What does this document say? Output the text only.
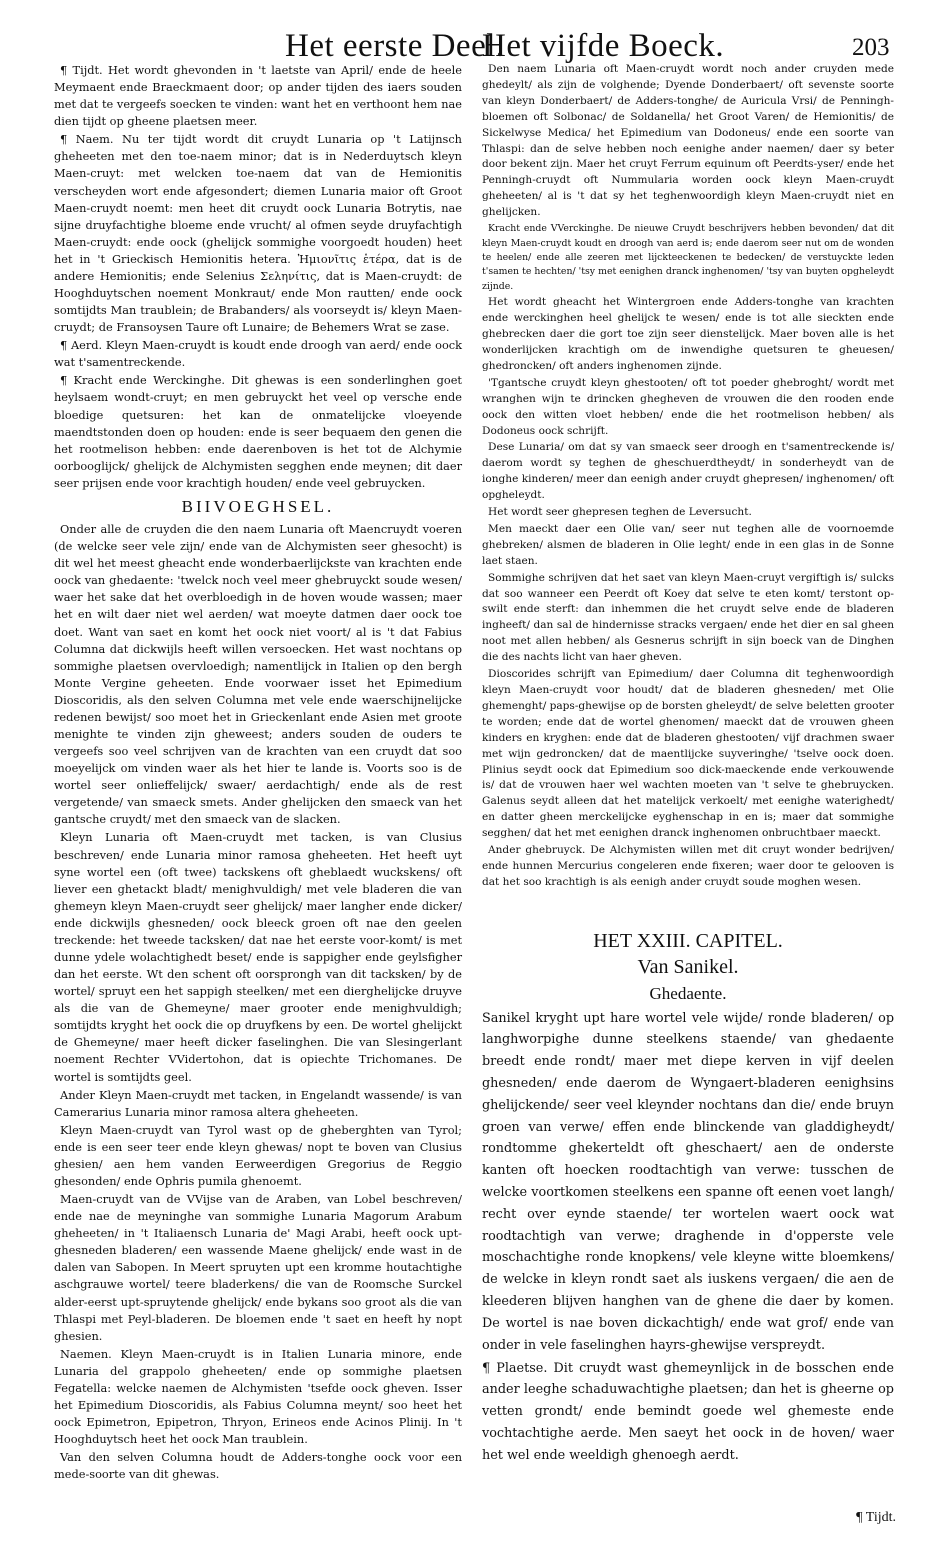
Het eerste Deel.
Het vijfde Boeck.	203

¶ Tijdt. Het wordt ghevonden in 't laetste van April/ ende de heele Meymaent ende Braeckmaent door; op ander tijden des iaers souden met dat te vergeefs soecken te vinden: want het en verthoont hem nae dien tijdt op gheene plaetsen meer.

¶ Naem. Nu ter tijdt wordt dit cruydt Lunaria op 't Latijnsch gheheeten met den toe-naem minor; dat is in Nederduytsch kleyn Maen-cruyt: met welcken toe-naem dat van de Hemionitis verscheyden wort ende afgesondert; diemen Lunaria maior oft Groot Maen-cruydt noemt: men heet dit cruydt oock Lunaria Botrytis, nae sijne druyfachtighe bloeme ende vrucht/ al ofmen seyde druyfachtigh Maen-cruydt: ende oock (ghelijck sommighe voorgoedt houden) heet het in 't Grieckisch Hemionitis hetera. Ἡμιονῖτις ἑτέρα, dat is de andere Hemionitis; ende Selenius Σεληνίτις, dat is Maen-cruydt: de Hooghduytschen noement Monkraut/ ende Mon rautten/ ende oock somtijdts Man traublein; de Brabanders/ als voorseydt is/ kleyn Maen-cruydt; de Fransoysen Taure oft Lunaire; de Behemers Wrat se zase.

¶ Aerd. Kleyn Maen-cruydt is koudt ende droogh van aerd/ ende oock wat t'samentreckende.

¶ Kracht ende Werckinghe. Dit ghewas is een sonderlinghen goet heylsaem wondt-cruyt; en men gebruyckt het veel op versche ende bloedige quetsuren: het kan de onmatelijcke vloeyende maendtstonden doen op houden: ende is seer bequaem den genen die het rootmelison hebben: ende daerenboven is het tot de Alchymie oorbooglijck/ ghelijck de Alchymisten segghen ende meynen; dit daer seer prijsen ende voor krachtigh houden/ ende veel gebruycken.

BIIVOEGHSEL.

Onder alle de cruyden die den naem Lunaria oft Maencruydt voeren (de welcke seer vele zijn/ ende van de Alchymisten seer ghesocht) is dit wel het meest gheacht ende wonderbaerlijckste van krachten ende oock van ghedaente: 'twelck noch veel meer ghebruyckt soude wesen/ waer het sake dat het overbloedigh in de hoven woude wassen; maer het en wilt daer niet wel aerden/ wat moeyte datmen daer oock toe doet. Want van saet en komt het oock niet voort/ al is 't dat Fabius Columna dat dickwijls heeft willen versoecken. Het wast nochtans op sommighe plaetsen overvloedigh; namentlijck in Italien op den bergh Monte Vergine geheeten. Ende voorwaer isset het Epimedium Dioscoridis, als den selven Columna met vele ende waerschijnelijcke redenen bewijst/ soo moet het in Grieckenlant ende Asien met groote menighte te vinden zijn gheweest; anders souden de ouders te vergeefs soo veel schrijven van de krachten van een cruydt dat soo moeyelijck om vinden waer als het hier te lande is. Voorts soo is de wortel seer onlieffelijck/ swaer/ aerdachtigh/ ende als de rest vergetende/ van smaeck smets. Ander ghelijcken den smaeck van het gantsche cruydt/ met den smaeck van de slacken.

Kleyn Lunaria oft Maen-cruydt met tacken, is van Clusius beschreven/ ende Lunaria minor ramosa gheheeten. Het heeft uyt syne wortel een (oft twee) tackskens oft gheblaedt wuckskens/ oft liever een ghetackt bladt/ menighvuldigh/ met vele bladeren die van ghemeyn kleyn Maen-cruydt seer ghelijck/ maer langher ende dicker/ ende dickwijls ghesneden/ oock bleeck groen oft nae den geelen treckende: het tweede tacksken/ dat nae het eerste voor-komt/ is met dunne ydele wolachtighedt beset/ ende is sappigher ende geylsfigher dan het eerste. Wt den schent oft oorsprongh van dit tacksken/ by de wortel/ spruyt een het sappigh steelken/ met een dierghelijcke druyve als die van de Ghemeyne/ maer grooter ende menighvuldigh; somtijdts kryght het oock die op druyfkens by een. De wortel ghelijckt de Ghemeyne/ maer heeft dicker faselinghen. Die van Slesingerlant noement Rechter VVidertohon, dat is opiechte Trichomanes. De wortel is somtijdts geel.

Ander Kleyn Maen-cruydt met tacken, in Engelandt wassende/ is van Camerarius Lunaria minor ramosa altera gheheeten.

Kleyn Maen-cruydt van Tyrol wast op de gheberghten van Tyrol; ende is een seer teer ende kleyn ghewas/ nopt te boven van Clusius ghesien/ aen hem vanden Eerweerdigen Gregorius de Reggio ghesonden/ ende Ophris pumila ghenoemt.

Maen-cruydt van de VVijse van de Araben, van Lobel beschreven/ ende nae de meyninghe van sommighe Lunaria Magorum Arabum gheheeten/ in 't Italiaensch Lunaria de' Magi Arabi, heeft oock upt-ghesneden bladeren/ een wassende Maene ghelijck/ ende wast in de dalen van Sabopen. In Meert spruyten upt een kromme houtachtighe aschgrauwe wortel/ teere bladerkens/ die van de Roomsche Surckel alder-eerst upt-spruytende ghelijck/ ende bykans soo groot als die van Thlaspi met Peyl-bladeren. De bloemen ende 't saet en heeft hy nopt ghesien.

Naemen. Kleyn Maen-cruydt is in Italien Lunaria minore, ende Lunaria del grappolo gheheeten/ ende op sommighe plaetsen Fegatella: welcke naemen de Alchymisten 'tsefde oock gheven. Isser het Epimedium Dioscoridis, als Fabius Columna meynt/ soo heet het oock Epimetron, Epipetron, Thryon, Erineos ende Acinos Plinij. In 't Hooghduytsch heet het oock Man traublein.

Van den selven Columna houdt de Adders-tonghe oock voor een mede-soorte van dit ghewas.

Den naem Lunaria oft Maen-cruydt wordt noch ander cruyden mede ghedeylt/ als zijn de volghende; Dyende Donderbaert/ oft sevenste soorte van kleyn Donderbaert/ de Adders-tonghe/ de Auricula Vrsi/ de Penningh-bloemen oft Solbonac/ de Soldanella/ het Groot Varen/ de Hemionitis/ de Sickelwyse Medica/ het Epimedium van Dodoneus/ ende een soorte van Thlaspi: dan de selve hebben noch eenighe ander naemen/ daer sy beter door bekent zijn. Maer het cruyt Ferrum equinum oft Peerdts-yser/ ende het Penningh-cruydt oft Nummularia worden oock kleyn Maen-cruydt gheheeten/ al is 't dat sy het teghenwoordigh kleyn Maen-cruydt niet en ghelijcken.

Kracht ende VVerckinghe. De nieuwe Cruydt beschrijvers hebben bevonden/ dat dit kleyn Maen-cruydt koudt en droogh van aerd is; ende daerom seer nut om de wonden te heelen/ ende alle zeeren met lijckteeckenen te bedecken/ de verstuyckte leden t'samen te hechten/ 'tsy met eenighen dranck inghenomen/ 'tsy van buyten opgheleydt zijnde.

Het wordt gheacht het Wintergroen ende Adders-tonghe van krachten ende werckinghen heel ghelijck te wesen/ ende is tot alle sieckten ende ghebrecken daer die gort toe zijn seer dienstelijck. Maer boven alle is het wonderlijcken krachtigh om de inwendighe quetsuren te gheuesen/ ghedroncken/ oft anders inghenomen zijnde.

'Tgantsche cruydt kleyn ghestooten/ oft tot poeder ghebroght/ wordt met wranghen wijn te drincken ghegheven de vrouwen die den rooden ende oock den witten vloet hebben/ ende die het rootmelison hebben/ als Dodoneus oock schrijft.

Dese Lunaria/ om dat sy van smaeck seer droogh en t'samentreckende is/ daerom wordt sy teghen de gheschuerdtheydt/ in sonderheydt van de ionghe kinderen/ meer dan eenigh ander cruydt ghepresen/ inghenomen/ oft opgheleydt.

Het wordt seer ghepresen teghen de Leversucht.

Men maeckt daer een Olie van/ seer nut teghen alle de voornoemde ghebreken/ alsmen de bladeren in Olie leght/ ende in een glas in de Sonne laet staen.

Sommighe schrijven dat het saet van kleyn Maen-cruyt vergiftigh is/ sulcks dat soo wanneer een Peerdt oft Koey dat selve te eten komt/ terstont op-swilt ende sterft: dan inhemmen die het cruydt selve ende de bladeren ingheeft/ dan sal de hindernisse stracks vergaen/ ende het dier en sal gheen noot met allen hebben/ als Gesnerus schrijft in sijn boeck van de Dinghen die des nachts licht van haer gheven.

Dioscorides schrijft van Epimedium/ daer Columna dit teghenwoordigh kleyn Maen-cruydt voor houdt/ dat de bladeren ghesneden/ met Olie ghemenght/ paps-ghewijse op de borsten gheleydt/ de selve beletten grooter te worden; ende dat de wortel ghenomen/ maeckt dat de vrouwen gheen kinders en kryghen: ende dat de bladeren ghestooten/ vijf drachmen swaer met wijn gedroncken/ dat de maentlijcke suyveringhe/ 'tselve oock doen. Plinius seydt oock dat Epimedium soo dick-maeckende ende verkouwende is/ dat de vrouwen haer wel wachten moeten van 't selve te ghebruycken. Galenus seydt alleen dat het matelijck verkoelt/ met eenighe waterighedt/ en datter gheen merckelijcke eyghenschap in en is; maer dat sommighe segghen/ dat het met eenighen dranck inghenomen onbruchtbaer maeckt.

Ander ghebruyck. De Alchymisten willen met dit cruyt wonder bedrijven/ ende hunnen Mercurius congeleren ende fixeren; waer door te gelooven is dat het soo krachtigh is als eenigh ander cruydt soude moghen wesen.

HET XXIII. CAPITEL.
Van Sanikel.
Ghedaente.

Sanikel kryght upt hare wortel vele wijde/ ronde bladeren/ op langhworpighe dunne steelkens staende/ van ghedaente breedt ende rondt/ maer met diepe kerven in vijf deelen ghesneden/ ende daerom de Wyngaert-bladeren eenighsins ghelijckende/ seer veel kleynder nochtans dan die/ ende bruyn groen van verwe/ effen ende blinckende van gladdigheydt/ rondtomme ghekerteldt oft gheschaert/ aen de onderste kanten oft hoecken roodtachtigh van verwe: tusschen de welcke voortkomen steelkens een spanne oft eenen voet langh/ recht over eynde staende/ ter wortelen waert oock wat roodtachtigh van verwe; draghende in d'opperste vele moschachtighe ronde knopkens/ vele kleyne witte bloemkens/ de welcke in kleyn rondt saet als iuskens vergaen/ die aen de kleederen blijven hanghen van de ghene die daer by komen. De wortel is nae boven dickachtigh/ ende wat grof/ ende van onder in vele faselinghen hayrs-ghewijse verspreydt.

¶ Plaetse. Dit cruydt wast ghemeynlijck in de bosschen ende ander leeghe schaduwachtighe plaetsen; dan het is gheerne op vetten grondt/ ende bemindt goede wel ghemeste ende vochtachtighe aerde. Men saeyt het oock in de hoven/ waer het wel ende weeldigh ghenoegh aerdt.

¶ Tijdt.
